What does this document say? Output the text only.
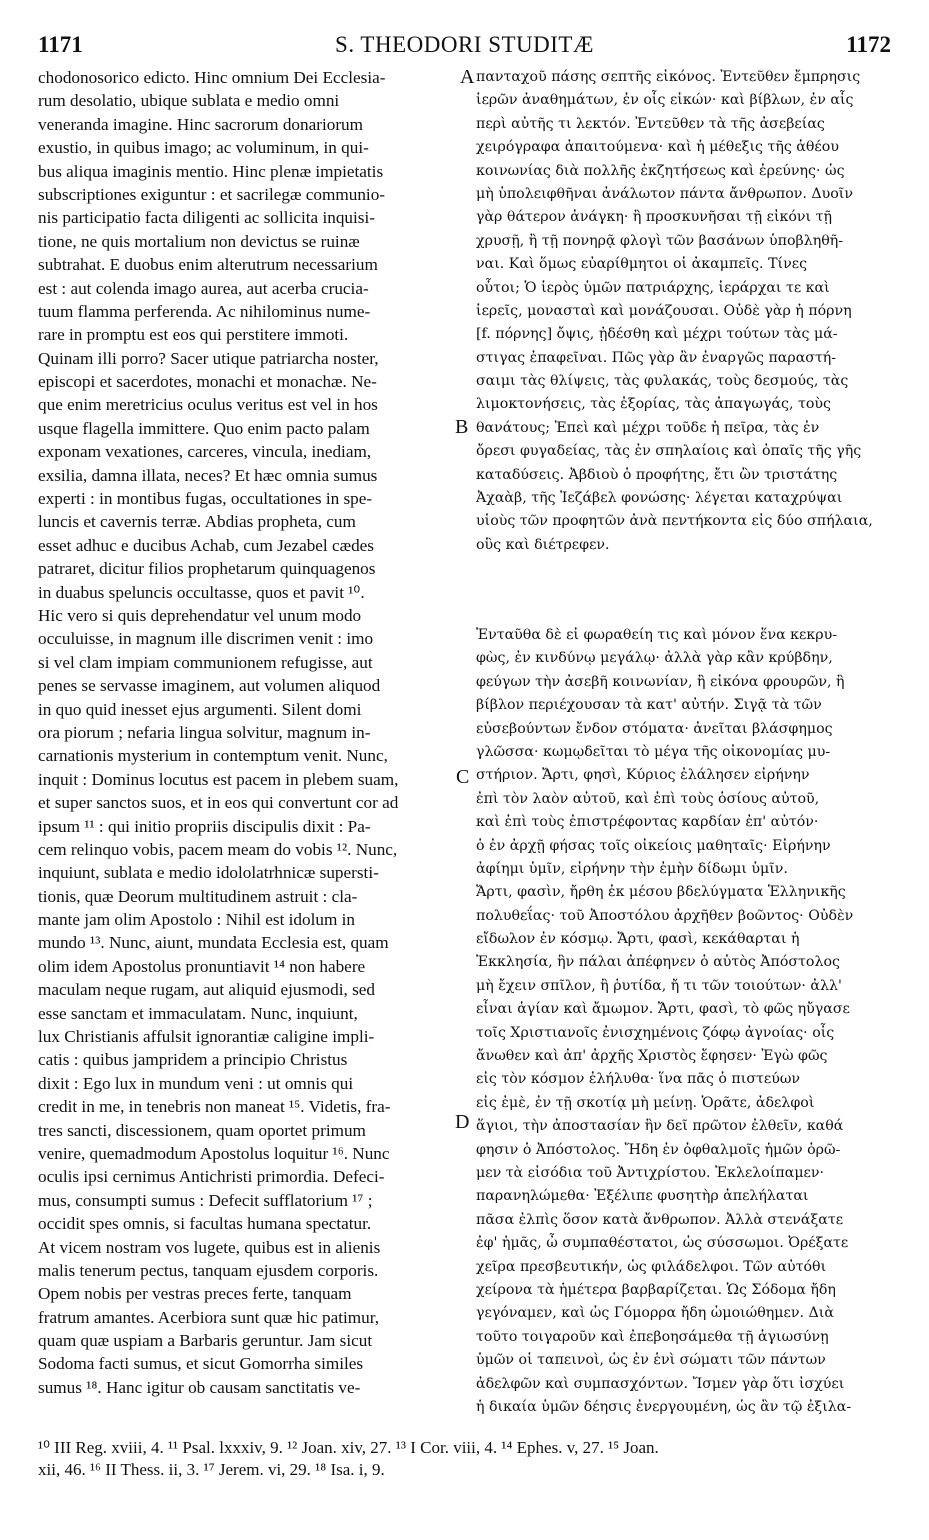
1171	S. THEODORI STUDITÆ	1172
chodonosorico edicto. Hinc omnium Dei Ecclesia-
rum desolatio, ubique sublata e medio omni
veneranda imagine. Hinc sacrorum donariorum
exustio, in quibus imago; ac voluminum, in qui-
bus aliqua imaginis mentio. Hinc plenæ impietatis
subscriptiones exiguntur : et sacrilegæ communio-
nis participatio facta diligenti ac sollicita inquisi-
tione, ne quis mortalium non devictus se ruinæ
subtrahat. E duobus enim alterutrum necessarium
est : aut colenda imago aurea, aut acerba crucia-
tuum flamma perferenda. Ac nihilominus nume-
rare in promptu est eos qui perstitere immoti.
Quinam illi porro? Sacer utique patriarcha noster,
episcopi et sacerdotes, monachi et monachæ. Ne-
que enim meretricius oculus veritus est vel in hos
usque flagella immittere. Quo enim pacto palam
exponam vexationes, carceres, vincula, inediam,
exsilia, damna illata, neces? Et hæc omnia sumus
experti : in montibus fugas, occultationes in spe-
luncis et cavernis terræ. Abdias propheta, cum
esset adhuc e ducibus Achab, cum Jezabel cædes
patraret, dicitur filios prophetarum quinquagenos
in duabus speluncis occultasse, quos et pavit ¹⁰.
Hic vero si quis deprehendatur vel unum modo
occuluisse, in magnum ille discrimen venit : imo
si vel clam impiam communionem refugisse, aut
penes se servasse imaginem, aut volumen aliquod
in quo quid inesset ejus argumenti. Silent domi
ora piorum ; nefaria lingua solvitur, magnum in-
carnationis mysterium in contemptum venit. Nunc,
inquit : Dominus locutus est pacem in plebem suam,
et super sanctos suos, et in eos qui convertunt cor ad
ipsum ¹¹ : qui initio propriis discipulis dixit : Pa-
cem relinquo vobis, pacem meam do vobis ¹². Nunc,
inquiunt, sublata e medio idololatrhnicæ supersti-
tionis, quæ Deorum multitudinem astruit : cla-
mante jam olim Apostolo : Nihil est idolum in
mundo ¹³. Nunc, aiunt, mundata Ecclesia est, quam
olim idem Apostolus pronuntiavit ¹⁴ non habere
maculam neque rugam, aut aliquid ejusmodi, sed
esse sanctam et immaculatam. Nunc, inquiunt,
lux Christianis affulsit ignorantiæ caligine impli-
catis : quibus jampridem a principio Christus
dixit : Ego lux in mundum veni : ut omnis qui
credit in me, in tenebris non maneat ¹⁵. Videtis, fra-
tres sancti, discessionem, quam oportet primum
venire, quemadmodum Apostolus loquitur ¹⁶. Nunc
oculis ipsi cernimus Antichristi primordia. Defeci-
mus, consumpti sumus : Defecit sufflatorium ¹⁷ ;
occidit spes omnis, si facultas humana spectatur.
At vicem nostram vos lugete, quibus est in alienis
malis tenerum pectus, tanquam ejusdem corporis.
Opem nobis per vestras preces ferte, tanquam
fratrum amantes. Acerbiora sunt quæ hic patimur,
quam quæ uspiam a Barbaris geruntur. Jam sicut
Sodoma facti sumus, et sicut Gomorrha similes
sumus ¹⁸. Hanc igitur ob causam sanctitatis ve-
πανταχοῦ πάσης σεπτῆς εἰκόνος. Ἐντεῦθεν ἔμπρησις
ἱερῶν ἀναθημάτων, ἐν οἷς εἰκών· καὶ βίβλων, ἐν αἷς
περὶ αὐτῆς τι λεκτόν. Ἐντεῦθεν τὰ τῆς ἀσεβείας
χειρόγραφα ἀπαιτούμενα· καὶ ἡ μέθεξις τῆς ἀθέου
κοινωνίας διὰ πολλῆς ἐκζητήσεως καὶ ἐρεύνης· ὡς
μὴ ὑπολειφθῆναι ἀνάλωτον πάντα ἄνθρωπον. Δυοῖν
γὰρ θάτερον ἀνάγκη· ἢ προσκυνῆσαι τῇ εἰκόνι τῇ
χρυσῇ, ἢ τῇ πονηρᾷ φλογὶ τῶν βασάνων ὑποβληθῆ-
ναι. Καὶ ὅμως εὐαρίθμητοι οἱ ἀκαμπεῖς. Τίνες
οὗτοι; Ὁ ἱερὸς ὑμῶν πατριάρχης, ἱεράρχαι τε καὶ
ἱερεῖς, μονασταὶ καὶ μονάζουσαι. Οὐδὲ γὰρ ἡ πόρνη
[f. πόρνης] ὄψις, ᾐδέσθη καὶ μέχρι τούτων τὰς μά-
στιγας ἐπαφεῖναι. Πῶς γὰρ ἂν ἐναργῶς παραστή-
σαιμι τὰς θλίψεις, τὰς φυλακάς, τοὺς δεσμούς, τὰς
λιμοκτονήσεις, τὰς ἐξορίας, τὰς ἀπαγωγάς, τοὺς
θανάτους; Ἐπεὶ καὶ μέχρι τοῦδε ἡ πεῖρα, τὰς ἐν
ὄρεσι φυγαδείας, τὰς ἐν σπηλαίοις καὶ ὀπαῖς τῆς γῆς
καταδύσεις. Ἀβδιοὺ ὁ προφήτης, ἔτι ὢν τριστάτης
Ἀχαὰβ, τῆς Ἰεζάβελ φονώσης· λέγεται καταχρύψαι
υἱοὺς τῶν προφητῶν ἀνὰ πεντήκοντα εἰς δύο σπήλαια,
οὓς καὶ διέτρεφεν.
Ἐνταῦθα δὲ εἰ φωραθείη τις καὶ μόνον ἕνα κεκρυ-
φὼς, ἐν κινδύνῳ μεγάλῳ· ἀλλὰ γὰρ κἂν κρύβδην,
φεύγων τὴν ἀσεβῆ κοινωνίαν, ἢ εἰκόνα φρουρῶν, ἢ
βίβλον περιέχουσαν τὰ κατ' αὐτήν. Σιγᾷ τὰ τῶν
εὐσεβούντων ἔνδον στόματα· ἀνεῖται βλάσφημος
γλῶσσα· κωμῳδεῖται τὸ μέγα τῆς οἰκονομίας μυ-
στήριον. Ἄρτι, φησὶ, Κύριος ἐλάλησεν εἰρήνην
ἐπὶ τὸν λαὸν αὐτοῦ, καὶ ἐπὶ τοὺς ὁσίους αὐτοῦ,
καὶ ἐπὶ τοὺς ἐπιστρέφοντας καρδίαν ἐπ' αὐτόν·
ὁ ἐν ἀρχῇ φήσας τοῖς οἰκείοις μαθηταῖς· Εἰρήνην
ἀφίημι ὑμῖν, εἰρήνην τὴν ἐμὴν δίδωμι ὑμῖν.
Ἄρτι, φασὶν, ἤρθη ἐκ μέσου βδελύγματα Ἑλληνικῆς
πολυθεΐας· τοῦ Ἀποστόλου ἀρχῆθεν βοῶντος· Οὐδὲν
εἴδωλον ἐν κόσμῳ. Ἄρτι, φασὶ, κεκάθαρται ἡ
Ἐκκλησία, ἣν πάλαι ἀπέφηνεν ὁ αὐτὸς Ἀπόστολος
μὴ ἔχειν σπῖλον, ἢ ῥυτίδα, ἤ τι τῶν τοιούτων· ἀλλ'
εἶναι ἁγίαν καὶ ἄμωμον. Ἄρτι, φασὶ, τὸ φῶς ηὔγασε
τοῖς Χριστιανοῖς ἐνισχημένοις ζόφῳ ἀγνοίας· οἷς
ἄνωθεν καὶ ἀπ' ἀρχῆς Χριστὸς ἔφησεν· Ἐγὼ φῶς
εἰς τὸν κόσμον ἐλήλυθα· ἵνα πᾶς ὁ πιστεύων
εἰς ἐμὲ, ἐν τῇ σκοτίᾳ μὴ μείνῃ. Ὁρᾶτε, ἀδελφοὶ
ἅγιοι, τὴν ἀποστασίαν ἣν δεῖ πρῶτον ἐλθεῖν, καθά
φησιν ὁ Ἀπόστολος. Ἤδη ἐν ὀφθαλμοῖς ἡμῶν ὁρῶ-
μεν τὰ εἰσόδια τοῦ Ἀντιχρίστου. Ἐκλελοίπαμεν·
παρανηλώμεθα· Ἐξέλιπε φυσητὴρ ἀπελήλαται
πᾶσα ἐλπὶς ὅσον κατὰ ἄνθρωπον. Ἀλλὰ στενάξατε
ἐφ' ἡμᾶς, ὦ συμπαθέστατοι, ὡς σύσσωμοι. Ὀρέξατε
χεῖρα πρεσβευτικήν, ὡς φιλάδελφοι. Τῶν αὐτόθι
χείρονα τὰ ἡμέτερα βαρβαρίζεται. Ὡς Σόδομα ἤδη
γεγόναμεν, καὶ ὡς Γόμορρα ἤδη ὡμοιώθημεν. Διὰ
τοῦτο τοιγαροῦν καὶ ἐπεβοησάμεθα τῇ ἁγιωσύνῃ
ὑμῶν οἱ ταπεινοὶ, ὡς ἐν ἑνὶ σώματι τῶν πάντων
ἀδελφῶν καὶ συμπασχόντων. Ἴσμεν γὰρ ὅτι ἰσχύει
ἡ δικαία ὑμῶν δέησις ἐνεργουμένη, ὡς ἂν τῷ ἐξιλα-
A
B
C
D
¹⁰ III Reg. xviii, 4. ¹¹ Psal. lxxxiv, 9. ¹² Joan. xiv, 27. ¹³ I Cor. viii, 4. ¹⁴ Ephes. v, 27. ¹⁵ Joan.
xii, 46. ¹⁶ II Thess. ii, 3. ¹⁷ Jerem. vi, 29. ¹⁸ Isa. i, 9.
